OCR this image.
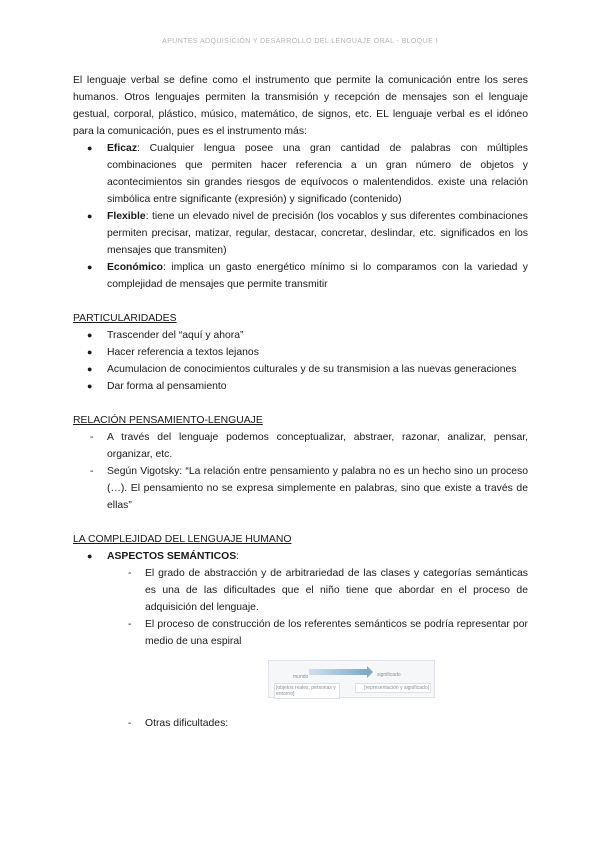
APUNTES ADQUISICIÓN Y DESARROLLO DEL LENGUAJE ORAL - BLOQUE I

El lenguaje verbal se define como el instrumento que permite la comunicación entre los seres humanos. Otros lenguajes permiten la transmisión y recepción de mensajes son el lenguaje gestual, corporal, plástico, músico, matemático, de signos, etc. EL lenguaje verbal es el idóneo para la comunicación, pues es el instrumento más:

● Eficaz: Cualquier lengua posee una gran cantidad de palabras con múltiples combinaciones que permiten hacer referencia a un gran número de objetos y acontecimientos sin grandes riesgos de equívocos o malentendidos. existe una relación simbólica entre significante (expresión) y significado (contenido)
● Flexible: tiene un elevado nivel de precisión (los vocablos y sus diferentes combinaciones permiten precisar, matizar, regular, destacar, concretar, deslindar, etc. significados en los mensajes que transmiten)
● Económico: implica un gasto energético mínimo si lo comparamos con la variedad y complejidad de mensajes que permite transmitir
PARTICULARIDADES
● Trascender del “aquí y ahora”
● Hacer referencia a textos lejanos
● Acumulacion de conocimientos culturales y de su transmision a las nuevas generaciones
● Dar forma al pensamiento
RELACIÓN PENSAMIENTO-LENGUAJE
- A través del lenguaje podemos conceptualizar, abstraer, razonar, analizar, pensar, organizar, etc.
- Según Vigotsky: “La relación entre pensamiento y palabra no es un hecho sino un proceso (…). El pensamiento no se expresa simplemente en palabras, sino que existe a través de ellas”
LA COMPLEJIDAD DEL LENGUAJE HUMANO
● ASPECTOS SEMÁNTICOS:
- El grado de abstracción y de arbitrariedad de las clases y categorías semánticas es una de las dificultades que el niño tiene que abordar en el proceso de adquisición del lenguaje.
- El proceso de construcción de los referentes semánticos se podría representar por medio de una espiral
mundo	significado
[objetos reales, personas y entorno]
[representación y significado]
- Otras dificultades:
